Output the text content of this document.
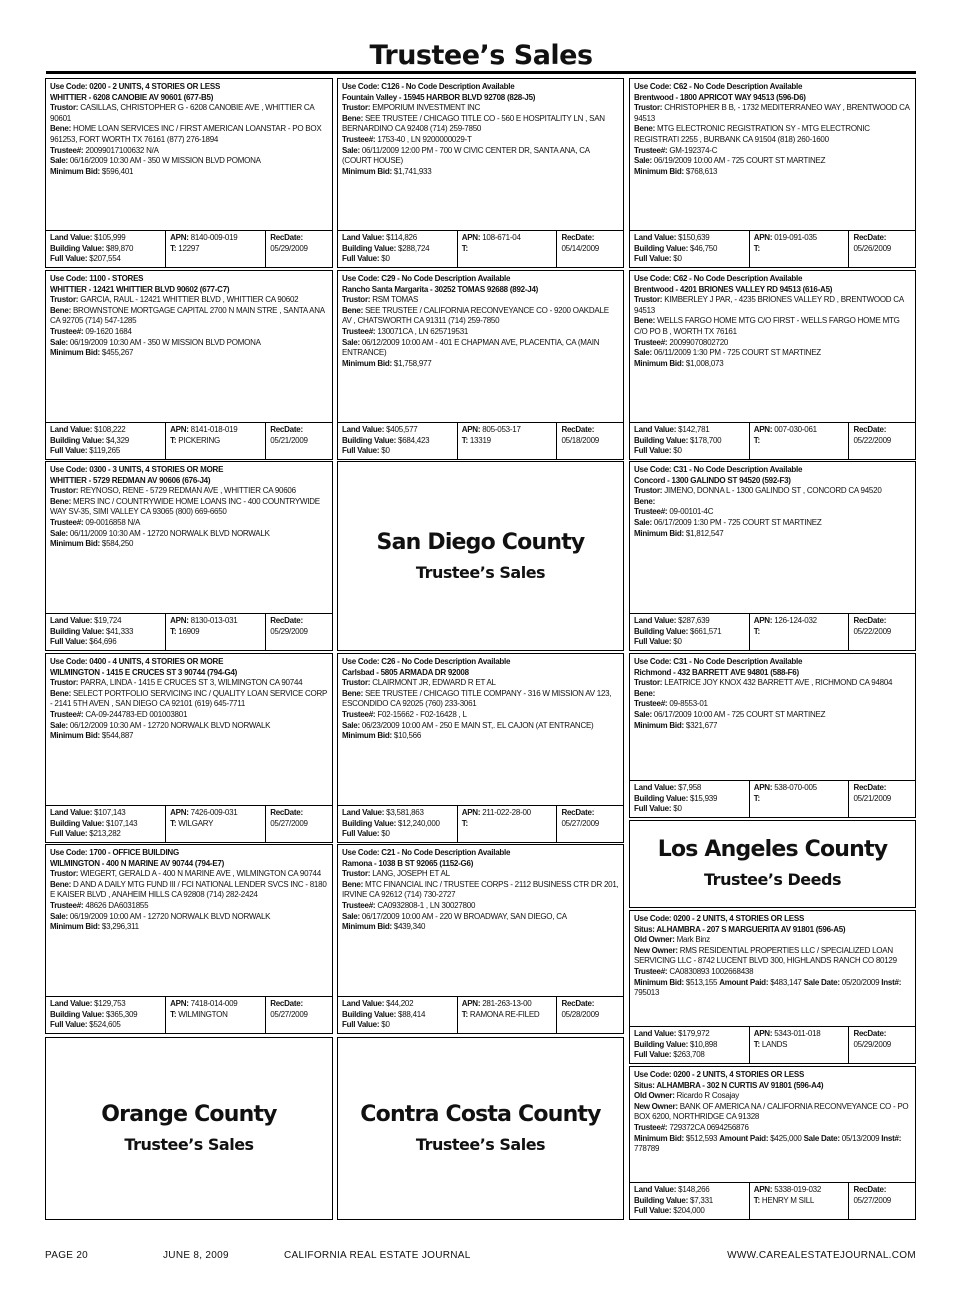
Trustee’s Sales
Use Code: 0200 - 2 UNITS, 4 STORIES OR LESS
WHITTIER - 6208 CANOBIE AV 90601 (677-B5)
Trustor: CASILLAS, CHRISTOPHER G - 6208 CANOBIE AVE , WHITTIER CA 90601
Bene: HOME LOAN SERVICES INC / FIRST AMERICAN LOANSTAR - PO BOX 961253, FORT WORTH TX 76161 (877) 276-1894
Trustee#: 20099017100632 N/A
Sale: 06/16/2009 10:30 AM - 350 W MISSION BLVD POMONA
Minimum Bid: $596,401
Land Value: $105,999
Building Value: $89,870
Full Value: $207,554
APN: 8140-009-019
T: 12297
RecDate:
05/29/2009
Use Code: 1100 - STORES
WHITTIER - 12421 WHITTIER BLVD 90602 (677-C7)
Trustor: GARCIA, RAUL - 12421 WHITTIER BLVD , WHITTIER CA 90602
Bene: BROWNSTONE MORTGAGE CAPITAL 2700 N MAIN STRE , SANTA ANA CA 92705 (714) 547-1285
Trustee#: 09-1620 1684
Sale: 06/19/2009 10:30 AM - 350 W MISSION BLVD POMONA
Minimum Bid: $455,267
Land Value: $108,222
Building Value: $4,329
Full Value: $119,265
APN: 8141-018-019
T: PICKERING
RecDate:
05/21/2009
Use Code: 0300 - 3 UNITS, 4 STORIES OR MORE
WHITTIER - 5729 REDMAN AV 90606 (676-J4)
Trustor: REYNOSO, RENE - 5729 REDMAN AVE , WHITTIER CA 90606
Bene: MERS INC / COUNTRYWIDE HOME LOANS INC - 400 COUNTRYWIDE WAY SV-35, SIMI VALLEY CA 93065 (800) 669-6650
Trustee#: 09-0016858 N/A
Sale: 06/11/2009 10:30 AM - 12720 NORWALK BLVD NORWALK
Minimum Bid: $584,250
Land Value: $19,724
Building Value: $41,333
Full Value: $64,696
APN: 8130-013-031
T: 16909
RecDate:
05/29/2009
Use Code: 0400 - 4 UNITS, 4 STORIES OR MORE
WILMINGTON - 1415 E CRUCES ST 3 90744 (794-G4)
Trustor: PARRA, LINDA - 1415 E CRUCES ST 3, WILMINGTON CA 90744
Bene: SELECT PORTFOLIO SERVICING INC / QUALITY LOAN SERVICE CORP - 2141 5TH AVEN , SAN DIEGO CA 92101 (619) 645-7711
Trustee#: CA-09-244783-ED 001003801
Sale: 06/12/2009 10:30 AM - 12720 NORWALK BLVD NORWALK
Minimum Bid: $544,887
Land Value: $107,143
Building Value: $107,143
Full Value: $213,282
APN: 7426-009-031
T: WILGARY
RecDate:
05/27/2009
Use Code: 1700 - OFFICE BUILDING
WILMINGTON - 400 N MARINE AV 90744 (794-E7)
Trustor: WIEGERT, GERALD A - 400 N MARINE AVE , WILMINGTON CA 90744
Bene: D AND A DAILY MTG FUND III / FCI NATIONAL LENDER SVCS INC - 8180 E KAISER BLVD , ANAHEIM HILLS CA 92808 (714) 282-2424
Trustee#: 48626 DA6031855
Sale: 06/19/2009 10:00 AM - 12720 NORWALK BLVD NORWALK
Minimum Bid: $3,296,311
Land Value: $129,753
Building Value: $365,309
Full Value: $524,605
APN: 7418-014-009
T: WILMINGTON
RecDate:
05/27/2009
Orange County
Trustee’s Sales
Use Code: C126 - No Code Description Available
Fountain Valley - 15945 HARBOR BLVD 92708 (828-J5)
Trustor: EMPORIUM INVESTMENT INC
Bene: SEE TRUSTEE / CHICAGO TITLE CO - 560 E HOSPITALITY LN , SAN BERNARDINO CA 92408 (714) 259-7850
Trustee#: 1753-40 , LN 9200000029-T
Sale: 06/11/2009 12:00 PM - 700 W CIVIC CENTER DR, SANTA ANA, CA (COURT HOUSE)
Minimum Bid: $1,741,933
Land Value: $114,826
Building Value: $288,724
Full Value: $0
APN: 108-671-04
T:
RecDate:
05/14/2009
Use Code: C29 - No Code Description Available
Rancho Santa Margarita - 30252 TOMAS 92688 (892-J4)
Trustor: RSM TOMAS
Bene: SEE TRUSTEE / CALIFORNIA RECONVEYANCE CO - 9200 OAKDALE AV , CHATSWORTH CA 91311 (714) 259-7850
Trustee#: 130071CA , LN 625719531
Sale: 06/12/2009 10:00 AM - 401 E CHAPMAN AVE, PLACENTIA, CA (MAIN ENTRANCE)
Minimum Bid: $1,758,977
Land Value: $405,577
Building Value: $684,423
Full Value: $0
APN: 805-053-17
T: 13319
RecDate:
05/18/2009
San Diego County
Trustee’s Sales
Use Code: C26 - No Code Description Available
Carlsbad - 5805 ARMADA DR 92008
Trustor: CLAIRMONT JR, EDWARD R ET AL
Bene: SEE TRUSTEE / CHICAGO TITLE COMPANY - 316 W MISSION AV 123, ESCONDIDO CA 92025 (760) 233-3061
Trustee#: F02-15662 - F02-16428 , L
Sale: 06/23/2009 10:00 AM - 250 E MAIN ST,. EL CAJON (AT ENTRANCE)
Minimum Bid: $10,566
Land Value: $3,581,863
Building Value: $12,240,000
Full Value: $0
APN: 211-022-28-00
T:
RecDate:
05/27/2009
Use Code: C21 - No Code Description Available
Ramona - 1038 B ST 92065 (1152-G6)
Trustor: LANG, JOSEPH ET AL
Bene: MTC FINANCIAL INC / TRUSTEE CORPS - 2112 BUSINESS CTR DR 201, IRVINE CA 92612 (714) 730-2727
Trustee#: CA0932808-1 , LN 30027800
Sale: 06/17/2009 10:00 AM - 220 W BROADWAY, SAN DIEGO, CA
Minimum Bid: $439,340
Land Value: $44,202
Building Value: $88,414
Full Value: $0
APN: 281-263-13-00
T: RAMONA RE-FILED
RecDate:
05/28/2009
Contra Costa County
Trustee’s Sales
Use Code: C62 - No Code Description Available
Brentwood - 1800 APRICOT WAY 94513 (596-D6)
Trustor: CHRISTOPHER B B, - 1732 MEDITERRANEO WAY , BRENTWOOD CA 94513
Bene: MTG ELECTRONIC REGISTRATION SY - MTG ELECTRONIC REGISTRATI 2255 , BURBANK CA 91504 (818) 260-1600
Trustee#: GM-192374-C
Sale: 06/19/2009 10:00 AM - 725 COURT ST MARTINEZ
Minimum Bid: $768,613
Land Value: $150,639
Building Value: $46,750
Full Value: $0
APN: 019-091-035
T:
RecDate:
05/26/2009
Use Code: C62 - No Code Description Available
Brentwood - 4201 BRIONES VALLEY RD 94513 (616-A5)
Trustor: KIMBERLEY J PAR, - 4235 BRIONES VALLEY RD , BRENTWOOD CA 94513
Bene: WELLS FARGO HOME MTG C/O FIRST - WELLS FARGO HOME MTG C/O PO B , WORTH TX 76161
Trustee#: 20099070802720
Sale: 06/11/2009 1:30 PM - 725 COURT ST MARTINEZ
Minimum Bid: $1,008,073
Land Value: $142,781
Building Value: $178,700
Full Value: $0
APN: 007-030-061
T:
RecDate:
05/22/2009
Use Code: C31 - No Code Description Available
Concord - 1300 GALINDO ST 94520 (592-F3)
Trustor: JIMENO, DONNA L - 1300 GALINDO ST , CONCORD CA 94520
Bene:
Trustee#: 09-00101-4C
Sale: 06/17/2009 1:30 PM - 725 COURT ST MARTINEZ
Minimum Bid: $1,812,547
Land Value: $287,639
Building Value: $661,571
Full Value: $0
APN: 126-124-032
T:
RecDate:
05/22/2009
Use Code: C31 - No Code Description Available
Richmond - 432 BARRETT AVE 94801 (588-F6)
Trustor: LEATRICE JOY KNOX 432 BARRETT AVE , RICHMOND CA 94804
Bene:
Trustee#: 09-8553-01
Sale: 06/17/2009 10:00 AM - 725 COURT ST MARTINEZ
Minimum Bid: $321,677
Land Value: $7,958
Building Value: $15,939
Full Value: $0
APN: 538-070-005
T:
RecDate:
05/21/2009
Los Angeles County
Trustee’s Deeds
Use Code: 0200 - 2 UNITS, 4 STORIES OR LESS
Situs: ALHAMBRA - 207 S MARGUERITA AV 91801 (596-A5)
Old Owner: Mark Binz
New Owner: RMS RESIDENTIAL PROPERTIES LLC / SPECIALIZED LOAN SERVICING LLC - 8742 LUCENT BLVD 300, HIGHLANDS RANCH CO 80129
Trustee#: CA0830893 1002668438
Minimum Bid: $513,155 Amount Paid: $483,147 Sale Date: 05/20/2009 Inst#: 795013
Land Value: $179,972
Building Value: $10,898
Full Value: $263,708
APN: 5343-011-018
T: LANDS
RecDate:
05/29/2009
Use Code: 0200 - 2 UNITS, 4 STORIES OR LESS
Situs: ALHAMBRA - 302 N CURTIS AV 91801 (596-A4)
Old Owner: Ricardo R Cosajay
New Owner: BANK OF AMERICA NA / CALIFORNIA RECONVEYANCE CO - PO BOX 6200, NORTHRIDGE CA 91328
Trustee#: 729372CA 0694256876
Minimum Bid: $512,593 Amount Paid: $425,000 Sale Date: 05/13/2009 Inst#: 778789
Land Value: $148,266
Building Value: $7,331
Full Value: $204,000
APN: 5338-019-032
T: HENRY M SILL
RecDate:
05/27/2009
PAGE 20	JUNE 8, 2009	CALIFORNIA REAL ESTATE JOURNAL	WWW.CAREALESTATEJOURNAL.COM
